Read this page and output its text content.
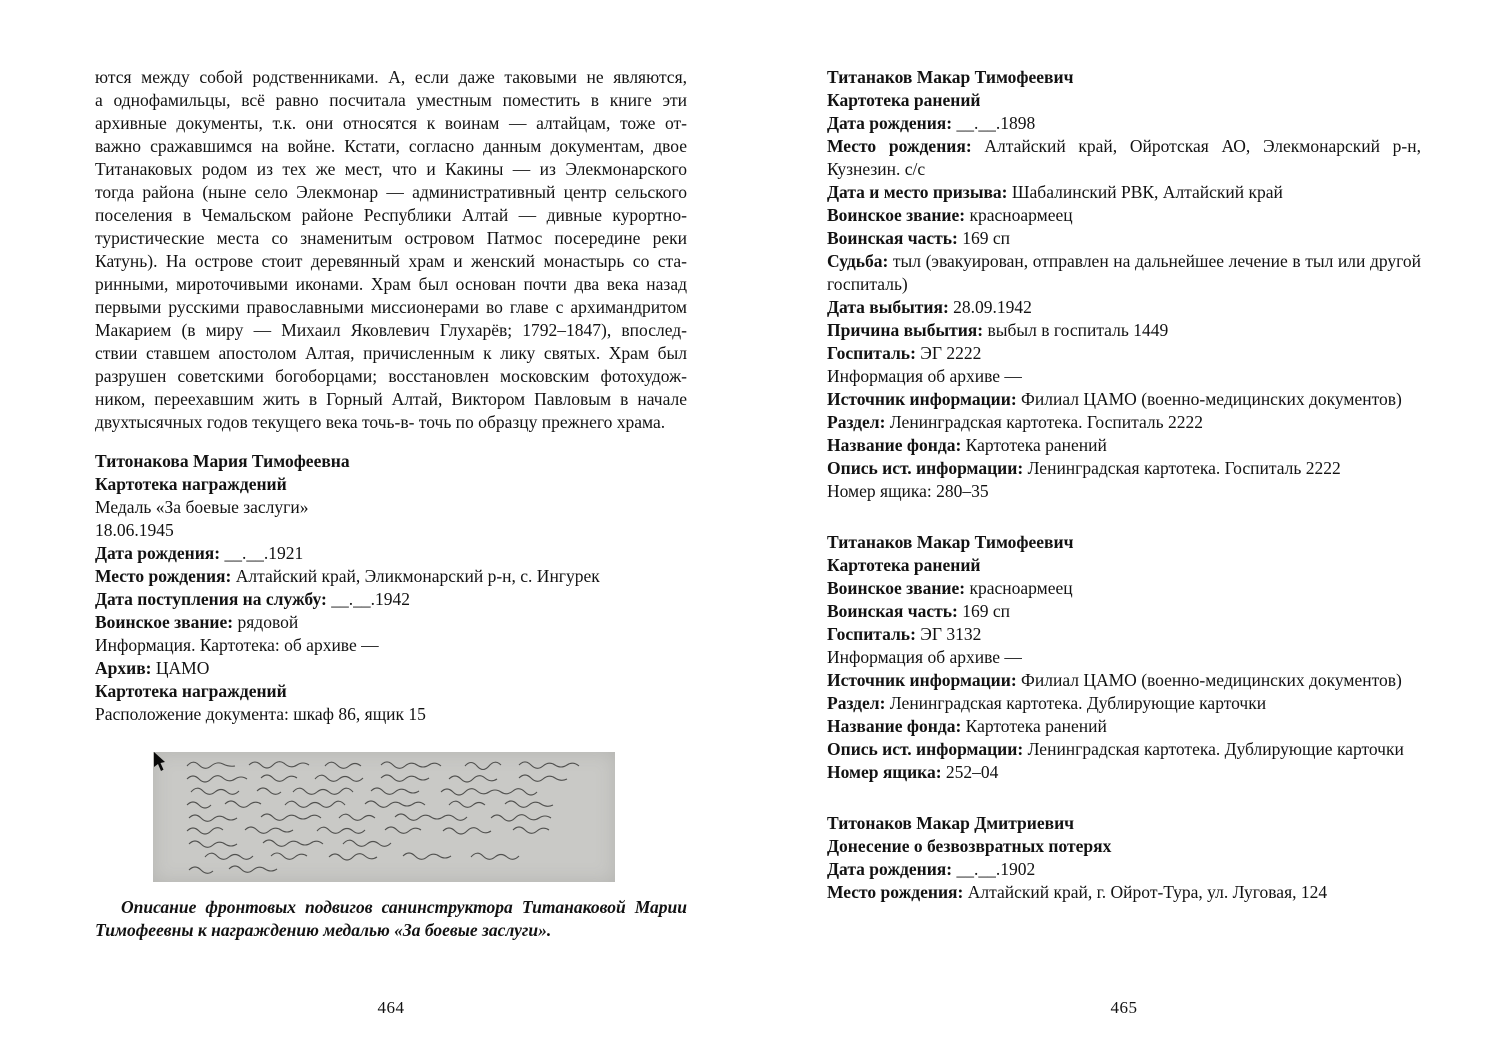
ются между собой родственниками. А, если даже таковыми не являются,
а однофамильцы, всё равно посчитала уместным поместить в книге эти
архивные документы, т.к. они относятся к воинам — алтайцам, тоже от-
важно сражавшимся на войне. Кстати, согласно данным документам, двое
Титанаковых родом из тех же мест, что и Какины — из Элекмонарского
тогда района (ныне село Элекмонар — административный центр сельского
поселения в Чемальском районе Республики Алтай — дивные курортно-
туристические места со знаменитым островом Патмос посередине реки
Катунь). На острове стоит деревянный храм и женский монастырь со ста-
ринными, мироточивыми иконами. Храм был основан почти два века назад
первыми русскими православными миссионерами во главе с архимандритом
Макарием (в миру — Михаил Яковлевич Глухарёв; 1792–1847), впослед-
ствии ставшем апостолом Алтая, причисленным к лику святых. Храм был
разрушен советскими богоборцами; восстановлен московским фотохудож-
ником, переехавшим жить в Горный Алтай, Виктором Павловым в начале
двухтысячных годов текущего века точь-в- точь по образцу прежнего храма.
Титонакова Мария Тимофеевна
Картотека награждений
Медаль «За боевые заслуги»
18.06.1945
Дата рождения: __.__.1921
Место рождения: Алтайский край, Эликмонарский р-н, с. Ингурек
Дата поступления на службу: __.__.1942
Воинское звание: рядовой
Информация. Картотека: об архиве —
Архив: ЦАМО
Картотека награждений
Расположение документа: шкаф 86, ящик 15
Описание фронтовых подвигов санинструктора Титанаковой Марии
Тимофеевны к награждению медалью «За боевые заслуги».
464
Титанаков Макар Тимофеевич
Картотека ранений
Дата рождения: __.__.1898
Место рождения: Алтайский край, Ойротская АО, Элекмонарский р-н, Кузнезин. с/с
Дата и место призыва: Шабалинский РВК, Алтайский край
Воинское звание: красноармеец
Воинская часть: 169 сп
Судьба: тыл (эвакуирован, отправлен на дальнейшее лечение в тыл или другой госпиталь)
Дата выбытия: 28.09.1942
Причина выбытия: выбыл в госпиталь 1449
Госпиталь: ЭГ 2222
Информация об архиве —
Источник информации: Филиал ЦАМО (военно-медицинских документов)
Раздел: Ленинградская картотека. Госпиталь 2222
Название фонда: Картотека ранений
Опись ист. информации: Ленинградская картотека. Госпиталь 2222
Номер ящика: 280–35
Титанаков Макар Тимофеевич
Картотека ранений
Воинское звание: красноармеец
Воинская часть: 169 сп
Госпиталь: ЭГ 3132
Информация об архиве —
Источник информации: Филиал ЦАМО (военно-медицинских документов)
Раздел: Ленинградская картотека. Дублирующие карточки
Название фонда: Картотека ранений
Опись ист. информации: Ленинградская картотека. Дублирующие карточки
Номер ящика: 252–04
Титонаков Макар Дмитриевич
Донесение о безвозвратных потерях
Дата рождения: __.__.1902
Место рождения: Алтайский край, г. Ойрот-Тура, ул. Луговая, 124
465
